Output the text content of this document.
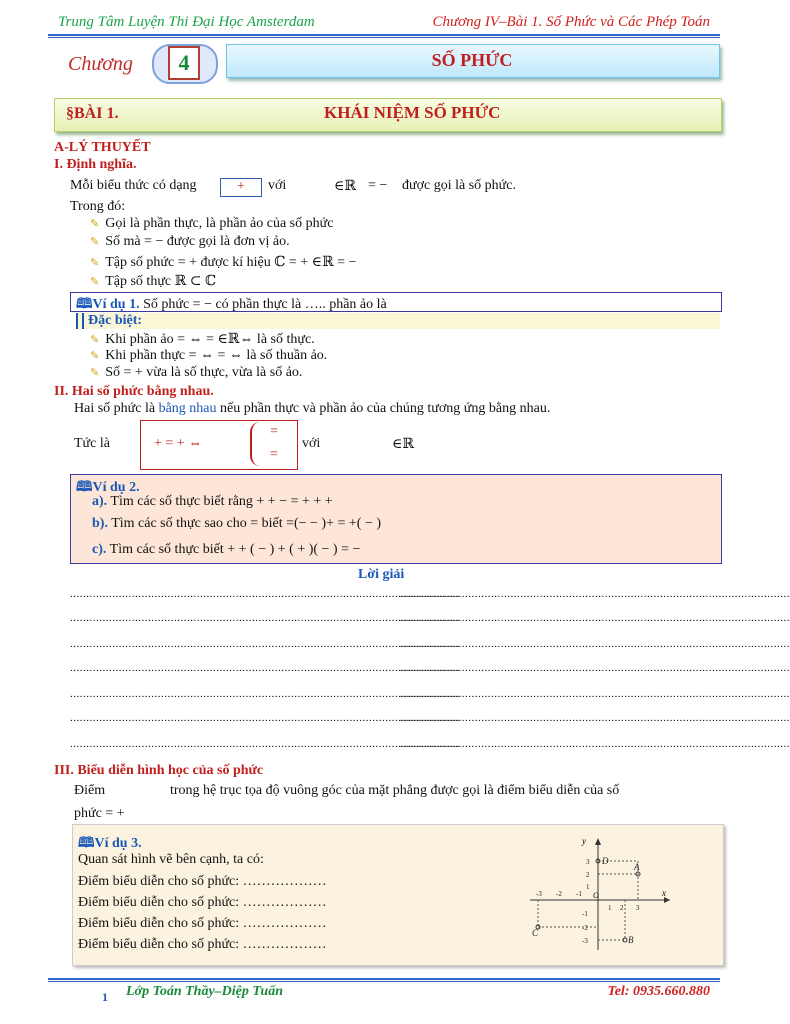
Trung Tâm Luyện Thi Đại Học Amsterdam	Chương IV–Bài 1. Số Phức và Các Phép Toán
Chương	4	SỐ PHỨC
§BÀI 1.	KHÁI NIỆM SỐ PHỨC
A-LÝ THUYẾT
I. Định nghĩa.
Mỗi biểu thức có dạng	+	với	∈ℝ = − được gọi là số phức.
Trong đó:
✎ Gọi là phần thực, là phần ảo của số phức
✎ Số mà = − được gọi là đơn vị ảo.
✎ Tập số phức = + được kí hiệu ℂ = + ∈ℝ = −
✎ Tập số thực ℝ ⊂ ℂ
🕮Ví dụ 1. Số phức = − có phần thực là ….. phần ảo là
Đặc biệt:
✎ Khi phần ảo = ⇔ = ∈ℝ⇔ là số thực.
✎ Khi phần thực = ⇔ = ⇔ là số thuần ảo.
✎ Số = + vừa là số thực, vừa là số ảo.
II. Hai số phức bằng nhau.
Hai số phức là bằng nhau nếu phần thực và phần ảo của chúng tương ứng bằng nhau.
Tức là	+ = + ⇔
=
=
với	∈ℝ
🕮Ví dụ 2.
a). Tìm các số thực biết rằng + + − = + + +
b). Tìm các số thực sao cho = biết =(− − )+ = +( − )
c). Tìm các số thực biết + + ( − ) + ( + )( − ) = −
Lời giải
........................................................................................................................
........................................................................................................................
........................................................................................................................
........................................................................................................................
........................................................................................................................
........................................................................................................................
........................................................................................................................
........................................................................................................................
........................................................................................................................
........................................................................................................................
........................................................................................................................
........................................................................................................................
........................................................................................................................
........................................................................................................................
III. Biểu diễn hình học của số phức
Điểm	trong hệ trục tọa độ vuông góc của mặt phẳng được gọi là điểm biểu diễn của số
phức = +
🕮Ví dụ 3.
Quan sát hình vẽ bên cạnh, ta có:
Điểm biểu diễn cho số phức: ………………
Điểm biểu diễn cho số phức: ………………
Điểm biểu diễn cho số phức: ………………
Điểm biểu diễn cho số phức: ………………
y
x
O
-3 -2 -1
1 2 3
3
2
1
-1
-2
-3
A
B
C
D
1 Lớp Toán Thầy–Diệp Tuấn	Tel: 0935.660.880
